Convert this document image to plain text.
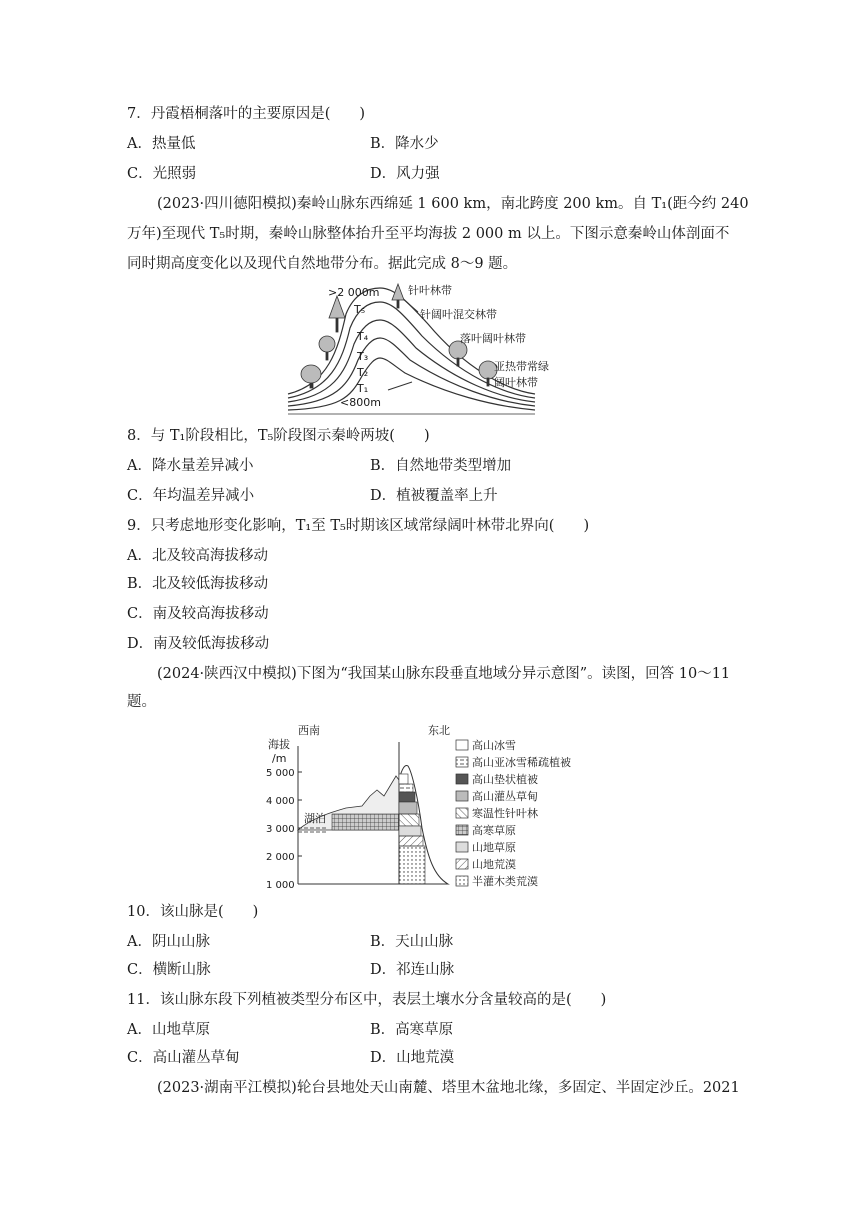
7．丹霞梧桐落叶的主要原因是(　　)
A．热量低	B．降水少
C．光照弱	D．风力强
(2023·四川德阳模拟)秦岭山脉东西绵延 1 600 km，南北跨度 200 km。自 T₁(距今约 240
万年)至现代 T₅时期，秦岭山脉整体抬升至平均海拔 2 000 m 以上。下图示意秦岭山体剖面不
同时期高度变化以及现代自然地带分布。据此完成 8～9 题。
>2 000m
T₅
T₄
T₃
T₂
T₁
<800m
针叶林带
针阔叶混交林带
落叶阔叶林带
亚热带常绿
阔叶林带
8．与 T₁阶段相比，T₅阶段图示秦岭两坡(　　)
A．降水量差异减小	B．自然地带类型增加
C．年均温差异减小	D．植被覆盖率上升
9．只考虑地形变化影响，T₁至 T₅时期该区域常绿阔叶林带北界向(　　)
A．北及较高海拔移动
B．北及较低海拔移动
C．南及较高海拔移动
D．南及较低海拔移动
(2024·陕西汉中模拟)下图为“我国某山脉东段垂直地域分异示意图”。读图，回答 10～11
题。
西南	东北
海拔
/m
5 000
4 000
3 000
2 000
1 000
湖泊
高山冰雪
高山亚冰雪稀疏植被
高山垫状植被
高山灌丛草甸
寒温性针叶林
高寒草原
山地草原
山地荒漠
半灌木类荒漠
10．该山脉是(　　)
A．阴山山脉	B．天山山脉
C．横断山脉	D．祁连山脉
11．该山脉东段下列植被类型分布区中，表层土壤水分含量较高的是(　　)
A．山地草原	B．高寒草原
C．高山灌丛草甸	D．山地荒漠
(2023·湖南平江模拟)轮台县地处天山南麓、塔里木盆地北缘，多固定、半固定沙丘。2021
